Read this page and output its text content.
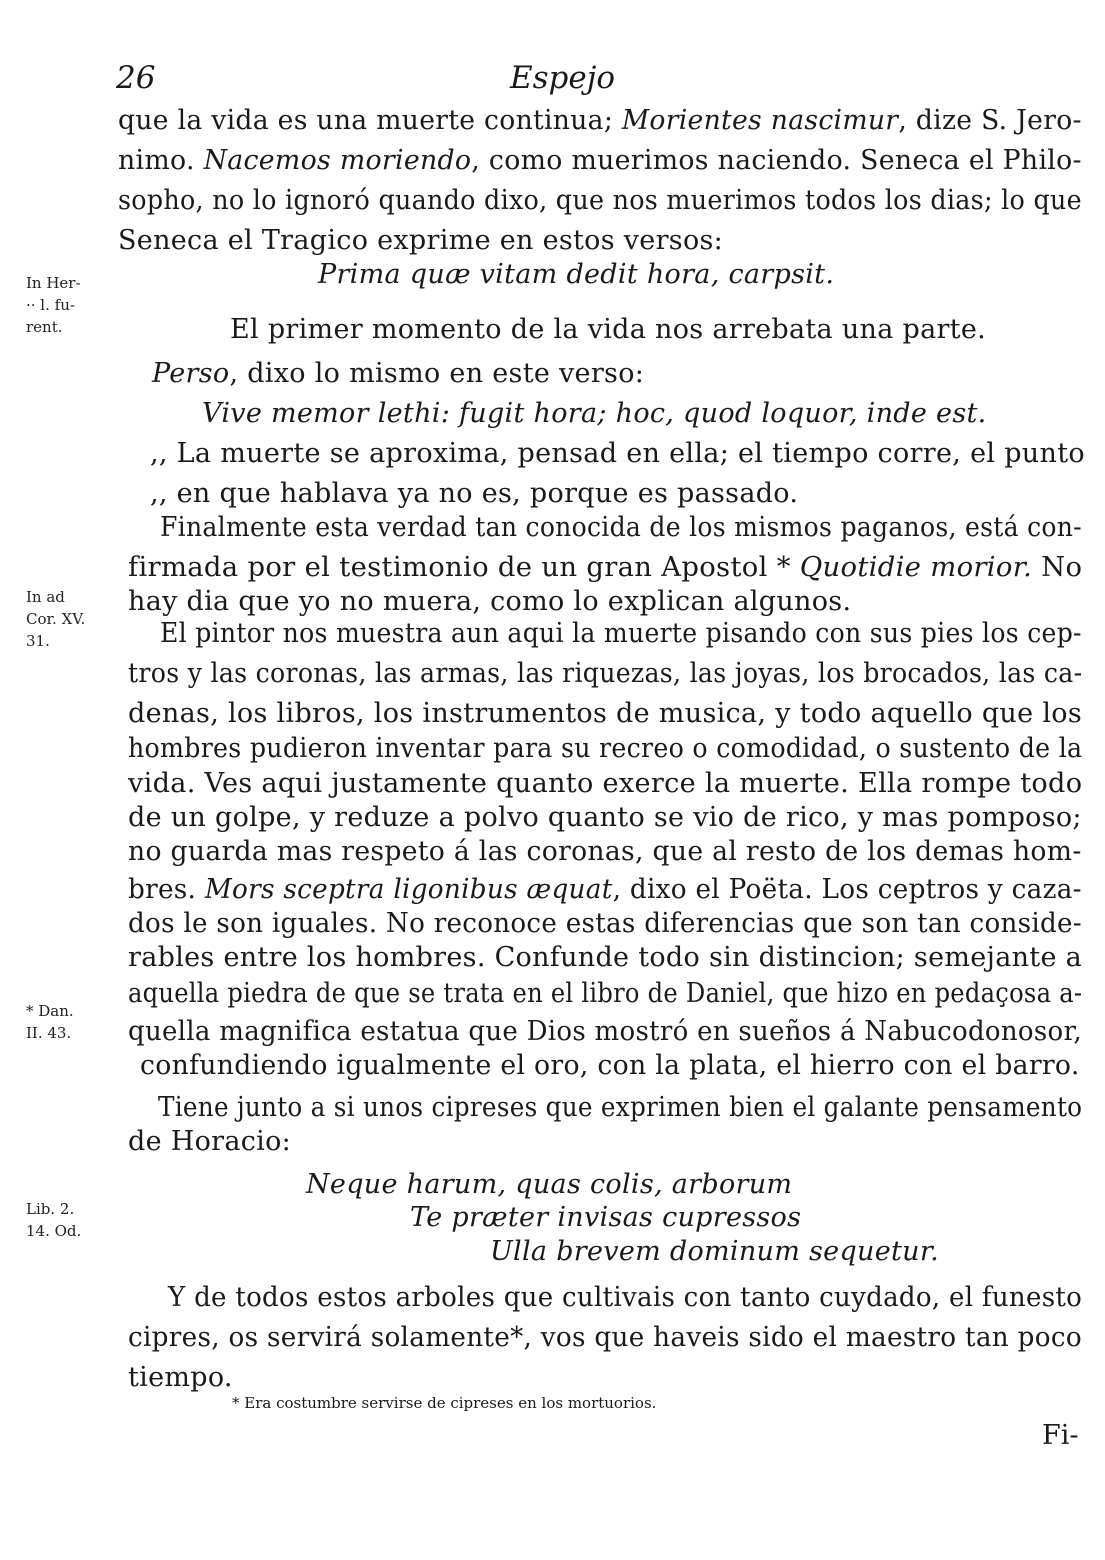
26	Espejo
que la vida es una muerte continua; Morientes nascimur, dize S. Jero-
nimo. Nacemos moriendo, como muerimos naciendo. Seneca el Philo-
sopho, no lo ignoró quando dixo, que nos muerimos todos los dias; lo que
Seneca el Tragico exprime en estos versos:
Prima quæ vitam dedit hora, carpsit.
El primer momento de la vida nos arrebata una parte.
Perso, dixo lo mismo en este verso:
Vive memor lethi: fugit hora; hoc, quod loquor, inde est.
,, La muerte se aproxima, pensad en ella; el tiempo corre, el punto
,, en que hablava ya no es, porque es passado.
Finalmente esta verdad tan conocida de los mismos paganos, está con-
firmada por el testimonio de un gran Apostol * Quotidie morior. No
hay dia que yo no muera, como lo explican algunos.
El pintor nos muestra aun aqui la muerte pisando con sus pies los cep-
tros y las coronas, las armas, las riquezas, las joyas, los brocados, las ca-
denas, los libros, los instrumentos de musica, y todo aquello que los
hombres pudieron inventar para su recreo o comodidad, o sustento de la
vida. Ves aqui justamente quanto exerce la muerte. Ella rompe todo
de un golpe, y reduze a polvo quanto se vio de rico, y mas pomposo;
no guarda mas respeto á las coronas, que al resto de los demas hom-
bres. Mors sceptra ligonibus æquat, dixo el Poëta. Los ceptros y caza-
dos le son iguales. No reconoce estas diferencias que son tan conside-
rables entre los hombres. Confunde todo sin distincion; semejante a
aquella piedra de que se trata en el libro de Daniel, que hizo en pedaçosa a-
quella magnifica estatua que Dios mostró en sueños á Nabucodonosor,
confundiendo igualmente el oro, con la plata, el hierro con el barro.
Tiene junto a si unos cipreses que exprimen bien el galante pensamento
de Horacio:
Neque harum, quas colis, arborum
Te præter invisas cupressos
Ulla brevem dominum sequetur.
Y de todos estos arboles que cultivais con tanto cuydado, el funesto
cipres, os servirá solamente*, vos que haveis sido el maestro tan poco
tiempo.
In Her-
·· l. fu-
rent.
In ad
Cor. XV.
31.
* Dan.
II. 43.
Lib. 2.
14. Od.
* Era costumbre servirse de cipreses en los mortuorios.
Fi-
